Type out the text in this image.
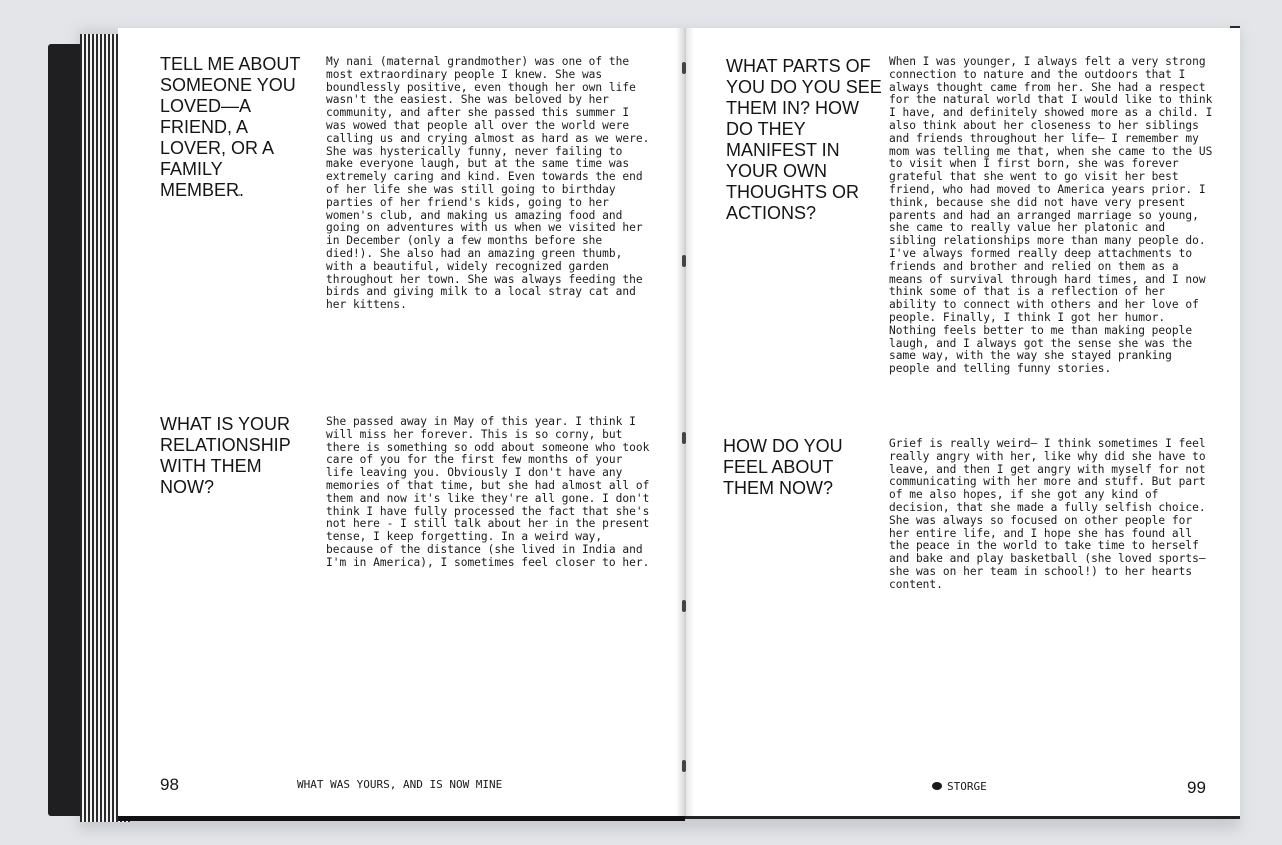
TELL ME ABOUT SOMEONE YOU LOVED—A FRIEND, A LOVER, OR A FAMILY MEMBER.

My nani (maternal grandmother) was one of the most extraordinary people I knew. She was boundlessly positive, even though her own life wasn't the easiest. She was beloved by her community, and after she passed this summer I was wowed that people all over the world were calling us and crying almost as hard as we were. She was hysterically funny, never failing to make everyone laugh, but at the same time was extremely caring and kind. Even towards the end of her life she was still going to birthday parties of her friend's kids, going to her women's club, and making us amazing food and going on adventures with us when we visited her in December (only a few months before she died!). She also had an amazing green thumb, with a beautiful, widely recognized garden throughout her town. She was always feeding the birds and giving milk to a local stray cat and her kittens.

WHAT IS YOUR RELATIONSHIP WITH THEM NOW?

She passed away in May of this year. I think I will miss her forever. This is so corny, but there is something so odd about someone who took care of you for the first few months of your life leaving you. Obviously I don't have any memories of that time, but she had almost all of them and now it's like they're all gone. I don't think I have fully processed the fact that she's not here - I still talk about her in the present tense, I keep forgetting. In a weird way, because of the distance (she lived in India and I'm in America), I sometimes feel closer to her.

98	WHAT WAS YOURS, AND IS NOW MINE
WHAT PARTS OF YOU DO YOU SEE THEM IN? HOW DO THEY MANIFEST IN YOUR OWN THOUGHTS OR ACTIONS?

When I was younger, I always felt a very strong connection to nature and the outdoors that I always thought came from her. She had a respect for the natural world that I would like to think I have, and definitely showed more as a child. I also think about her closeness to her siblings and friends throughout her life— I remember my mom was telling me that, when she came to the US to visit when I first born, she was forever grateful that she went to go visit her best friend, who had moved to America years prior. I think, because she did not have very present parents and had an arranged marriage so young, she came to really value her platonic and sibling relationships more than many people do. I've always formed really deep attachments to friends and brother and relied on them as a means of survival through hard times, and I now think some of that is a reflection of her ability to connect with others and her love of people. Finally, I think I got her humor. Nothing feels better to me than making people laugh, and I always got the sense she was the same way, with the way she stayed pranking people and telling funny stories.

HOW DO YOU FEEL ABOUT THEM NOW?

Grief is really weird— I think sometimes I feel really angry with her, like why did she have to leave, and then I get angry with myself for not communicating with her more and stuff. But part of me also hopes, if she got any kind of decision, that she made a fully selfish choice. She was always so focused on other people for her entire life, and I hope she has found all the peace in the world to take time to herself and bake and play basketball (she loved sports— she was on her team in school!) to her hearts content.

STORGE	99
